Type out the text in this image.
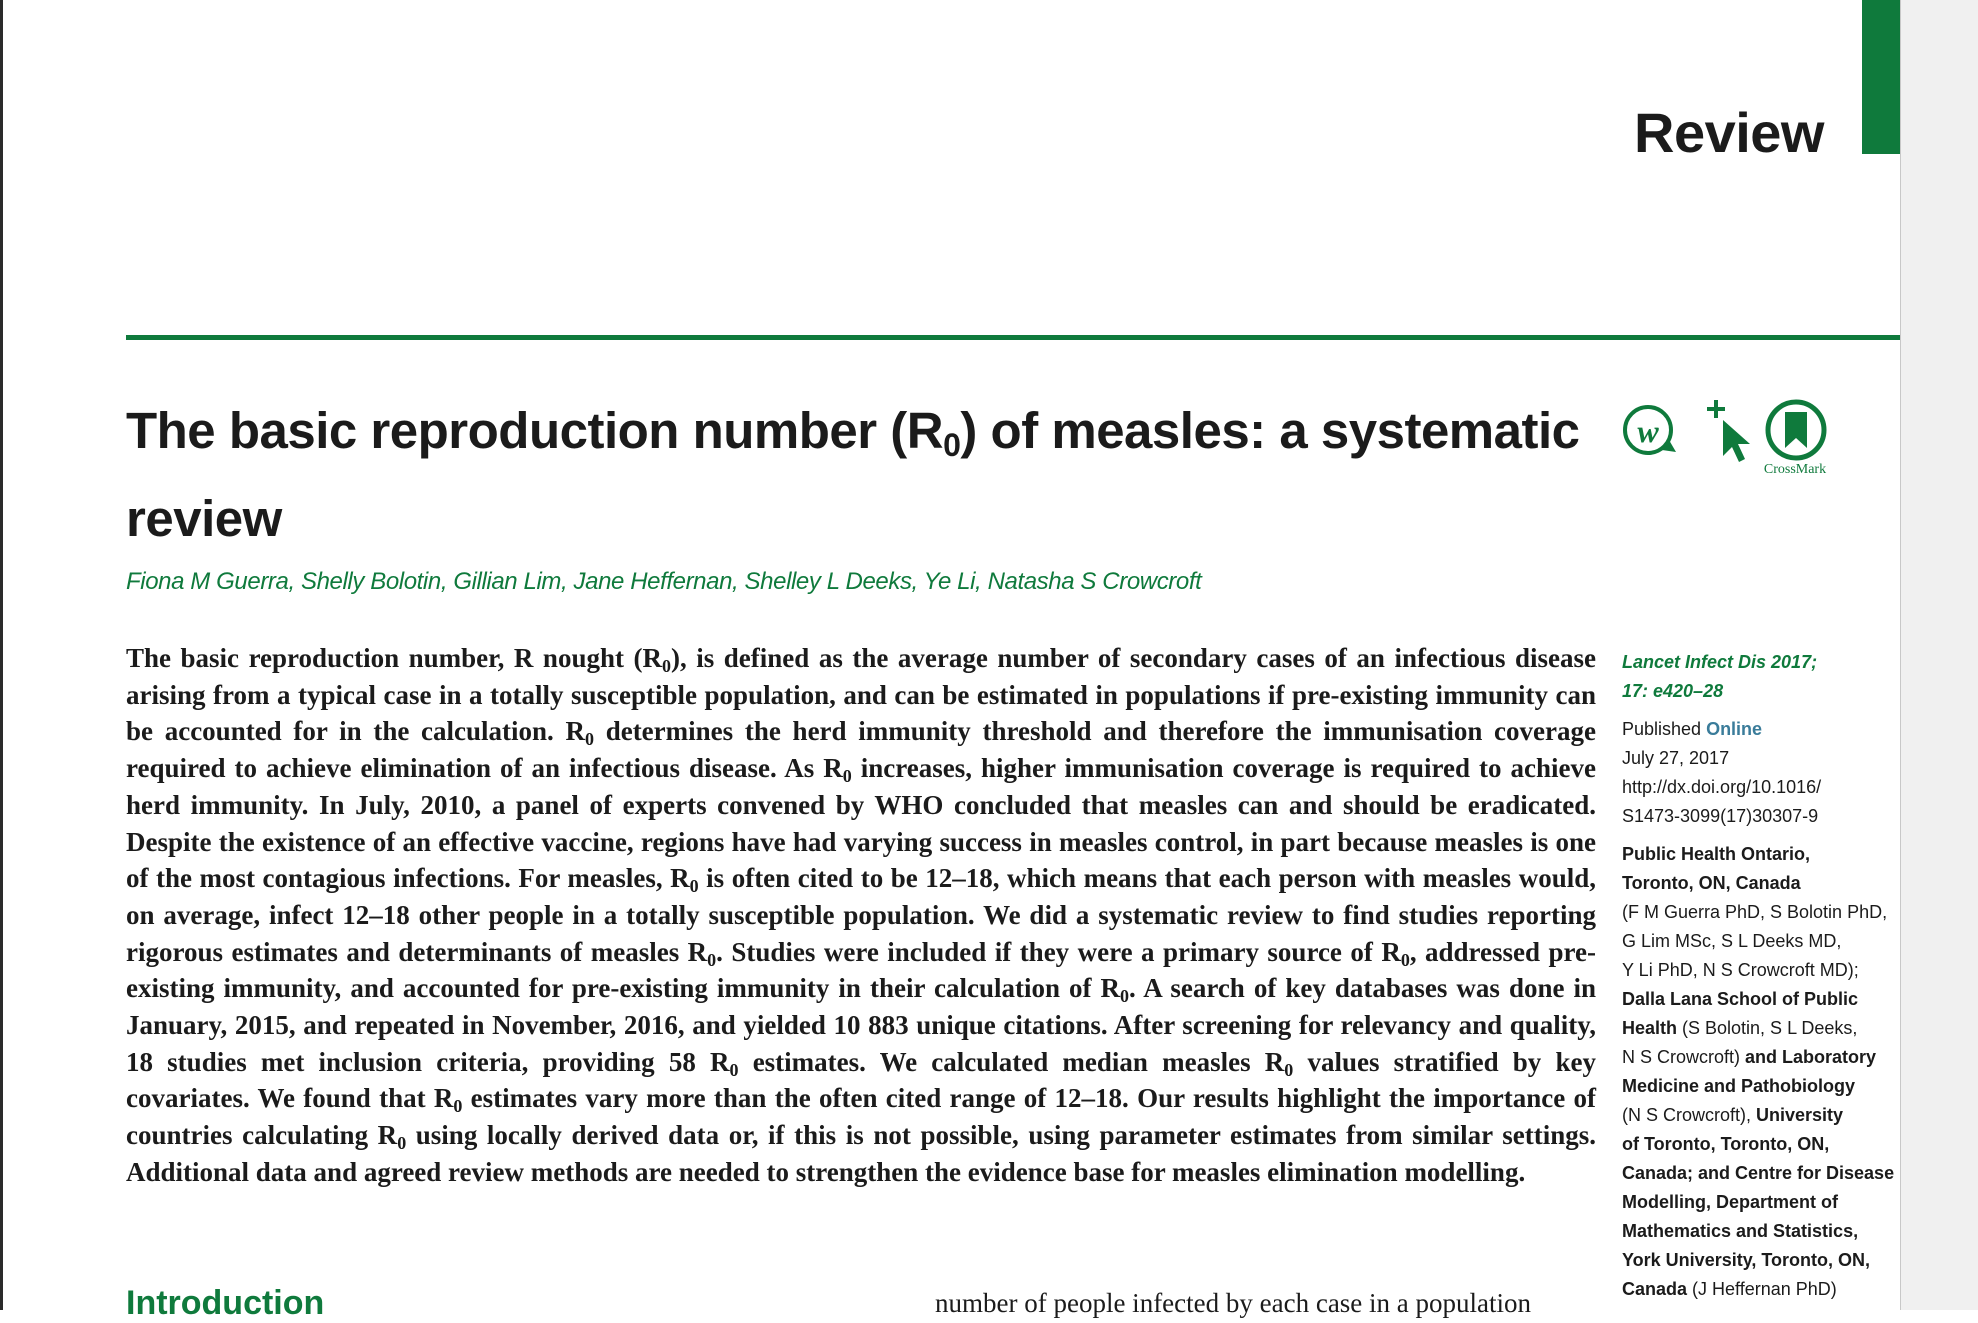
Review
The basic reproduction number $(R_0)$ of measles: a systematic review
w
CrossMark

Fiona M Guerra, Shelly Bolotin, Gillian Lim, Jane Heffernan, Shelley L Deeks, Ye Li, Natasha S Crowcroft

The basic reproduction number, R nought $(R_0)$, is defined as the average number of secondary cases of an infectious disease arising from a typical case in a totally susceptible population, and can be estimated in populations if pre-existing immunity can be accounted for in the calculation. $R_0$ determines the herd immunity threshold and therefore the immunisation coverage required to achieve elimination of an infectious disease. As $R_0$ increases, higher immunisation coverage is required to achieve herd immunity. In July, 2010, a panel of experts convened by WHO concluded that measles can and should be eradicated. Despite the existence of an effective vaccine, regions have had varying success in measles control, in part because measles is one of the most contagious infections. For measles, $R_0$ is often cited to be 12–18, which means that each person with measles would, on average, infect 12–18 other people in a totally susceptible population. We did a systematic review to find studies reporting rigorous estimates and determinants of measles $R_0$. Studies were included if they were a primary source of $R_0$, addressed pre-existing immunity, and accounted for pre-existing immunity in their calculation of $R_0$. A search of key databases was done in January, 2015, and repeated in November, 2016, and yielded 10 883 unique citations. After screening for relevancy and quality, 18 studies met inclusion criteria, providing 58 $R_0$ estimates. We calculated median measles $R_0$ values stratified by key covariates. We found that $R_0$ estimates vary more than the often cited range of 12–18. Our results highlight the importance of countries calculating $R_0$ using locally derived data or, if this is not possible, using parameter estimates from similar settings. Additional data and agreed review methods are needed to strengthen the evidence base for measles elimination modelling.

Introduction	number of people infected by each case in a population

Lancet Infect Dis 2017;
17: e420–28

Published Online
July 27, 2017
http://dx.doi.org/10.1016/
S1473-3099(17)30307-9

Public Health Ontario,
Toronto, ON, Canada
(F M Guerra PhD, S Bolotin PhD,
G Lim MSc, S L Deeks MD,
Y Li PhD, N S Crowcroft MD);
Dalla Lana School of Public
Health (S Bolotin, S L Deeks,
N S Crowcroft) and Laboratory
Medicine and Pathobiology
(N S Crowcroft), University
of Toronto, Toronto, ON,
Canada; and Centre for Disease
Modelling, Department of
Mathematics and Statistics,
York University, Toronto, ON,
Canada (J Heffernan PhD)
